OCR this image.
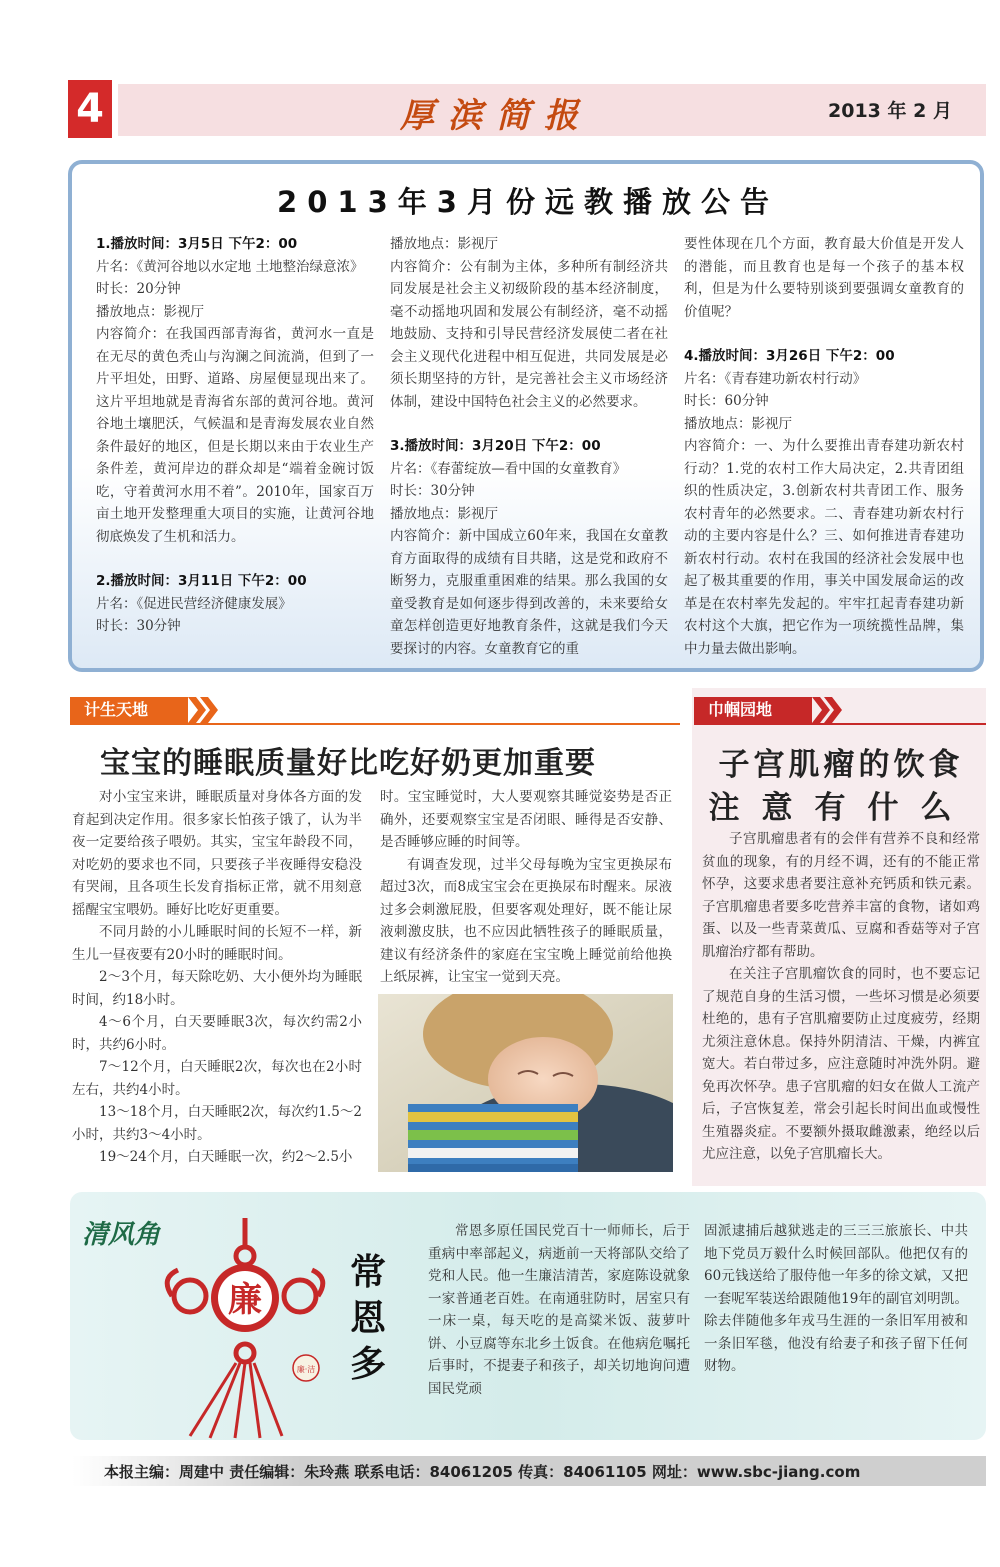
4	厚滨简报	2013 年 2 月
2013年3月份远教播放公告

1.播放时间：3月5日 下午2：00

片名：《黄河谷地以水定地 土地整治绿意浓》

时长：20分钟

播放地点：影视厅

内容简介：在我国西部青海省，黄河水一直是在无尽的黄色秃山与沟澜之间流淌，但到了一片平坦处，田野、道路、房屋便显现出来了。这片平坦地就是青海省东部的黄河谷地。黄河谷地土壤肥沃，气候温和是青海发展农业自然条件最好的地区，但是长期以来由于农业生产条件差，黄河岸边的群众却是“端着金碗讨饭吃，守着黄河水用不着”。2010年，国家百万亩土地开发整理重大项目的实施，让黄河谷地彻底焕发了生机和活力。

2.播放时间：3月11日 下午2：00

片名：《促进民营经济健康发展》

时长：30分钟

播放地点：影视厅

内容简介：公有制为主体，多种所有制经济共同发展是社会主义初级阶段的基本经济制度，毫不动摇地巩固和发展公有制经济，毫不动摇地鼓励、支持和引导民营经济发展使二者在社会主义现代化进程中相互促进，共同发展是必须长期坚持的方针，是完善社会主义市场经济体制，建设中国特色社会主义的必然要求。

3.播放时间：3月20日 下午2：00

片名：《春蕾绽放—看中国的女童教育》

时长：30分钟

播放地点：影视厅

内容简介：新中国成立60年来，我国在女童教育方面取得的成绩有目共睹，这是党和政府不断努力，克服重重困难的结果。那么我国的女童受教育是如何逐步得到改善的，未来要给女童怎样创造更好地教育条件，这就是我们今天要探讨的内容。女童教育它的重

要性体现在几个方面，教育最大价值是开发人的潜能，而且教育也是每一个孩子的基本权利，但是为什么要特别谈到要强调女童教育的价值呢？

4.播放时间：3月26日 下午2：00

片名：《青春建功新农村行动》

时长：60分钟

播放地点：影视厅

内容简介：一、为什么要推出青春建功新农村行动？1.党的农村工作大局决定，2.共青团组织的性质决定，3.创新农村共青团工作、服务农村青年的必然要求。二、青春建功新农村行动的主要内容是什么？三、如何推进青春建功新农村行动。农村在我国的经济社会发展中也起了极其重要的作用，事关中国发展命运的改革是在农村率先发起的。牢牢扛起青春建功新农村这个大旗，把它作为一项统揽性品牌，集中力量去做出影响。

计生天地
宝宝的睡眠质量好比吃好奶更加重要

对小宝宝来讲，睡眠质量对身体各方面的发育起到决定作用。很多家长怕孩子饿了，认为半夜一定要给孩子喂奶。其实，宝宝年龄段不同，对吃奶的要求也不同，只要孩子半夜睡得安稳没有哭闹，且各项生长发育指标正常，就不用刻意摇醒宝宝喂奶。睡好比吃好更重要。

不同月龄的小儿睡眠时间的长短不一样，新生儿一昼夜要有20小时的睡眠时间。

2～3个月，每天除吃奶、大小便外均为睡眠时间，约18小时。

4～6个月，白天要睡眠3次，每次约需2小时，共约6小时。

7～12个月，白天睡眠2次，每次也在2小时左右，共约4小时。

13～18个月，白天睡眠2次，每次约1.5～2小时，共约3～4小时。

19～24个月，白天睡眠一次，约2～2.5小

时。宝宝睡觉时，大人要观察其睡觉姿势是否正确外，还要观察宝宝是否闭眼、睡得是否安静、是否睡够应睡的时间等。

有调查发现，过半父母每晚为宝宝更换尿布超过3次，而8成宝宝会在更换尿布时醒来。尿液过多会刺激屁股，但要客观处理好，既不能让尿液刺激皮肤，也不应因此牺牲孩子的睡眠质量，建议有经济条件的家庭在宝宝晚上睡觉前给他换上纸尿裤，让宝宝一觉到天亮。

巾帼园地
子宫肌瘤的饮食
注意有什么

子宫肌瘤患者有的会伴有营养不良和经常贫血的现象，有的月经不调，还有的不能正常怀孕，这要求患者要注意补充钙质和铁元素。子宫肌瘤患者要多吃营养丰富的食物，诸如鸡蛋、以及一些青菜黄瓜、豆腐和香菇等对子宫肌瘤治疗都有帮助。

在关注子宫肌瘤饮食的同时，也不要忘记了规范自身的生活习惯，一些坏习惯是必须要杜绝的，患有子宫肌瘤要防止过度疲劳，经期尤须注意休息。保持外阴清洁、干燥，内裤宜宽大。若白带过多，应注意随时冲洗外阴。避免再次怀孕。患子宫肌瘤的妇女在做人工流产后，子宫恢复差，常会引起长时间出血或慢性生殖器炎症。不要额外摄取雌激素，绝经以后尤应注意，以免子宫肌瘤长大。

清风角
廉
廉·洁
常恩多

常恩多原任国民党百十一师师长，后于重病中率部起义，病逝前一天将部队交给了党和人民。他一生廉洁清苦，家庭陈设就象一家普通老百姓。在南通驻防时，居室只有一床一桌，每天吃的是高粱米饭、菠萝叶饼、小豆腐等东北乡土饭食。在他病危嘱托后事时，不提妻子和孩子，却关切地询问遭国民党顽

固派逮捕后越狱逃走的三三三旅旅长、中共地下党员万毅什么时候回部队。他把仅有的60元钱送给了服侍他一年多的徐文斌，又把一套呢军装送给跟随他19年的副官刘明凯。除去伴随他多年戎马生涯的一条旧军用被和一条旧军毯，他没有给妻子和孩子留下任何财物。

本报主编：周建中 责任编辑：朱玲燕 联系电话：84061205 传真：84061105 网址：www.sbc-jiang.com
